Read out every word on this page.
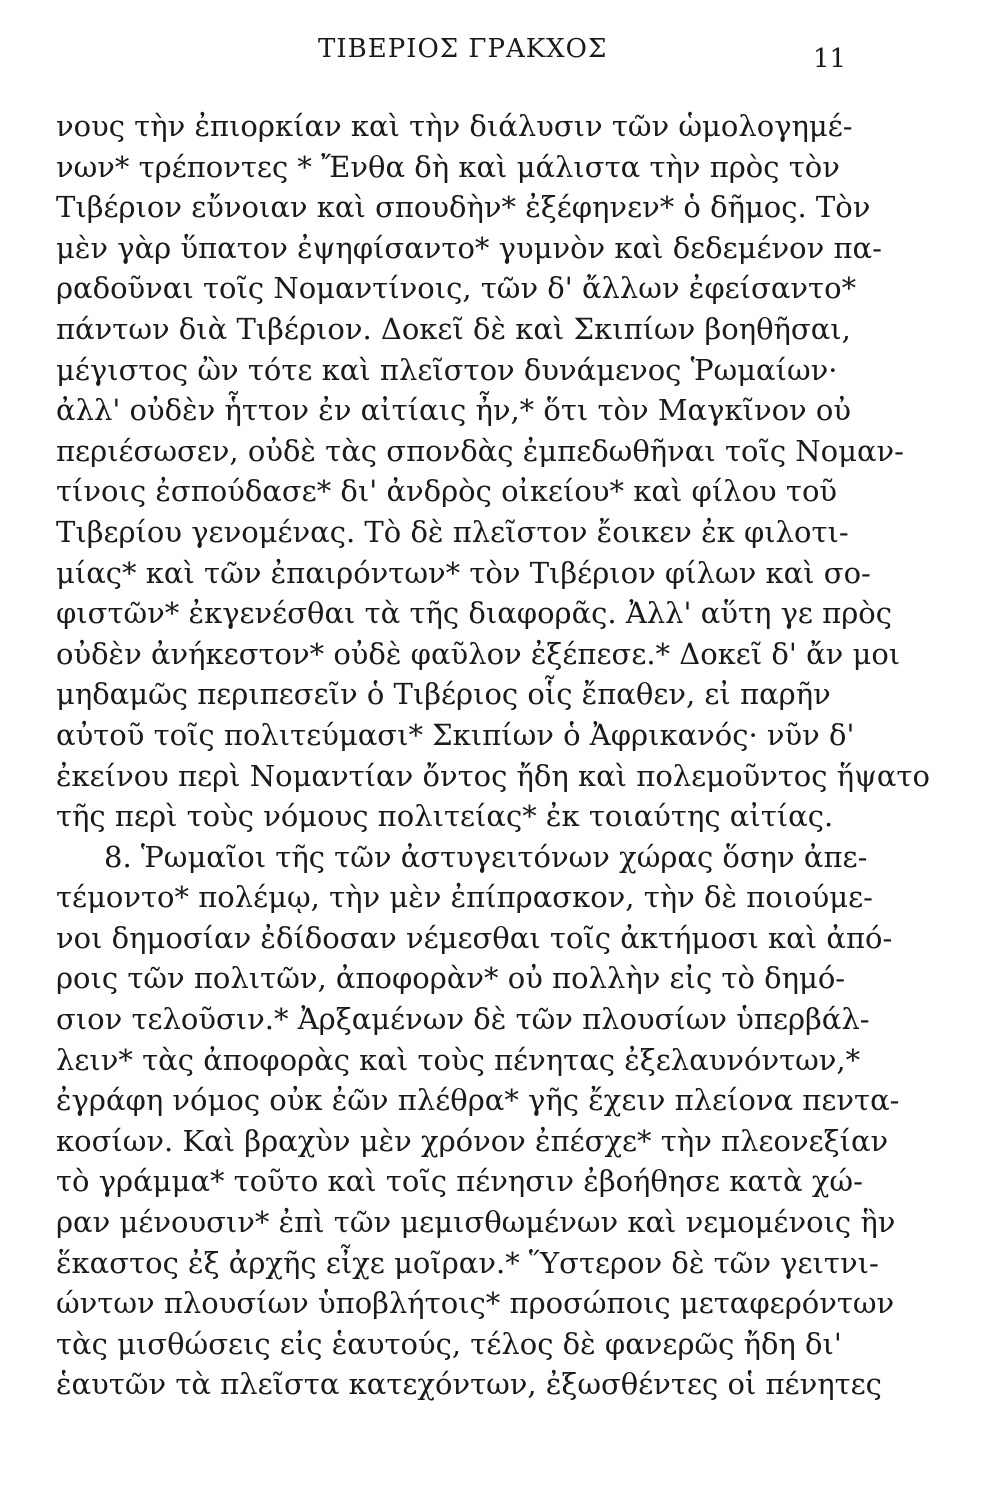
ΤΙΒΕΡΙΟΣ ΓΡΑΚΧΟΣ	11
νους τὴν ἐπιορκίαν καὶ τὴν διάλυσιν τῶν ὡμολογημέ-
νων* τρέποντες * Ἔνθα δὴ καὶ μάλιστα τὴν πρὸς τὸν
Τιβέριον εὔνοιαν καὶ σπουδὴν* ἐξέφηνεν* ὁ δῆμος. Τὸν
μὲν γὰρ ὕπατον ἐψηφίσαντο* γυμνὸν καὶ δεδεμένον πα-
ραδοῦναι τοῖς Νομαντίνοις, τῶν δ' ἄλλων ἐφείσαντο*
πάντων διὰ Τιβέριον. Δοκεῖ δὲ καὶ Σκιπίων βοηθῆσαι,
μέγιστος ὢν τότε καὶ πλεῖστον δυνάμενος Ῥωμαίων·
ἀλλ' οὐδὲν ἧττον ἐν αἰτίαις ἦν,* ὅτι τὸν Μαγκῖνον οὐ
περιέσωσεν, οὐδὲ τὰς σπονδὰς ἐμπεδωθῆναι τοῖς Νομαν-
τίνοις ἐσπούδασε* δι' ἀνδρὸς οἰκείου* καὶ φίλου τοῦ
Τιβερίου γενομένας. Τὸ δὲ πλεῖστον ἔοικεν ἐκ φιλοτι-
μίας* καὶ τῶν ἐπαιρόντων* τὸν Τιβέριον φίλων καὶ σο-
φιστῶν* ἐκγενέσθαι τὰ τῆς διαφορᾶς. Ἀλλ' αὕτη γε πρὸς
οὐδὲν ἀνήκεστον* οὐδὲ φαῦλον ἐξέπεσε.* Δοκεῖ δ' ἄν μοι
μηδαμῶς περιπεσεῖν ὁ Τιβέριος οἷς ἔπαθεν, εἰ παρῆν
αὐτοῦ τοῖς πολιτεύμασι* Σκιπίων ὁ Ἀφρικανός· νῦν δ'
ἐκείνου περὶ Νομαντίαν ὄντος ἤδη καὶ πολεμοῦντος ἥψατο
τῆς περὶ τοὺς νόμους πολιτείας* ἐκ τοιαύτης αἰτίας.
8. Ῥωμαῖοι τῆς τῶν ἀστυγειτόνων χώρας ὅσην ἀπε-
τέμοντο* πολέμῳ, τὴν μὲν ἐπίπρασκον, τὴν δὲ ποιούμε-
νοι δημοσίαν ἐδίδοσαν νέμεσθαι τοῖς ἀκτήμοσι καὶ ἀπό-
ροις τῶν πολιτῶν, ἀποφορὰν* οὐ πολλὴν εἰς τὸ δημό-
σιον τελοῦσιν.* Ἀρξαμένων δὲ τῶν πλουσίων ὑπερβάλ-
λειν* τὰς ἀποφορὰς καὶ τοὺς πένητας ἐξελαυνόντων,*
ἐγράφη νόμος οὐκ ἐῶν πλέθρα* γῆς ἔχειν πλείονα πεντα-
κοσίων. Καὶ βραχὺν μὲν χρόνον ἐπέσχε* τὴν πλεονεξίαν
τὸ γράμμα* τοῦτο καὶ τοῖς πένησιν ἐβοήθησε κατὰ χώ-
ραν μένουσιν* ἐπὶ τῶν μεμισθωμένων καὶ νεμομένοις ἣν
ἕκαστος ἐξ ἀρχῆς εἶχε μοῖραν.* Ὕστερον δὲ τῶν γειτνι-
ώντων πλουσίων ὑποβλήτοις* προσώποις μεταφερόντων
τὰς μισθώσεις εἰς ἑαυτούς, τέλος δὲ φανερῶς ἤδη δι'
ἑαυτῶν τὰ πλεῖστα κατεχόντων, ἐξωσθέντες οἱ πένητες
